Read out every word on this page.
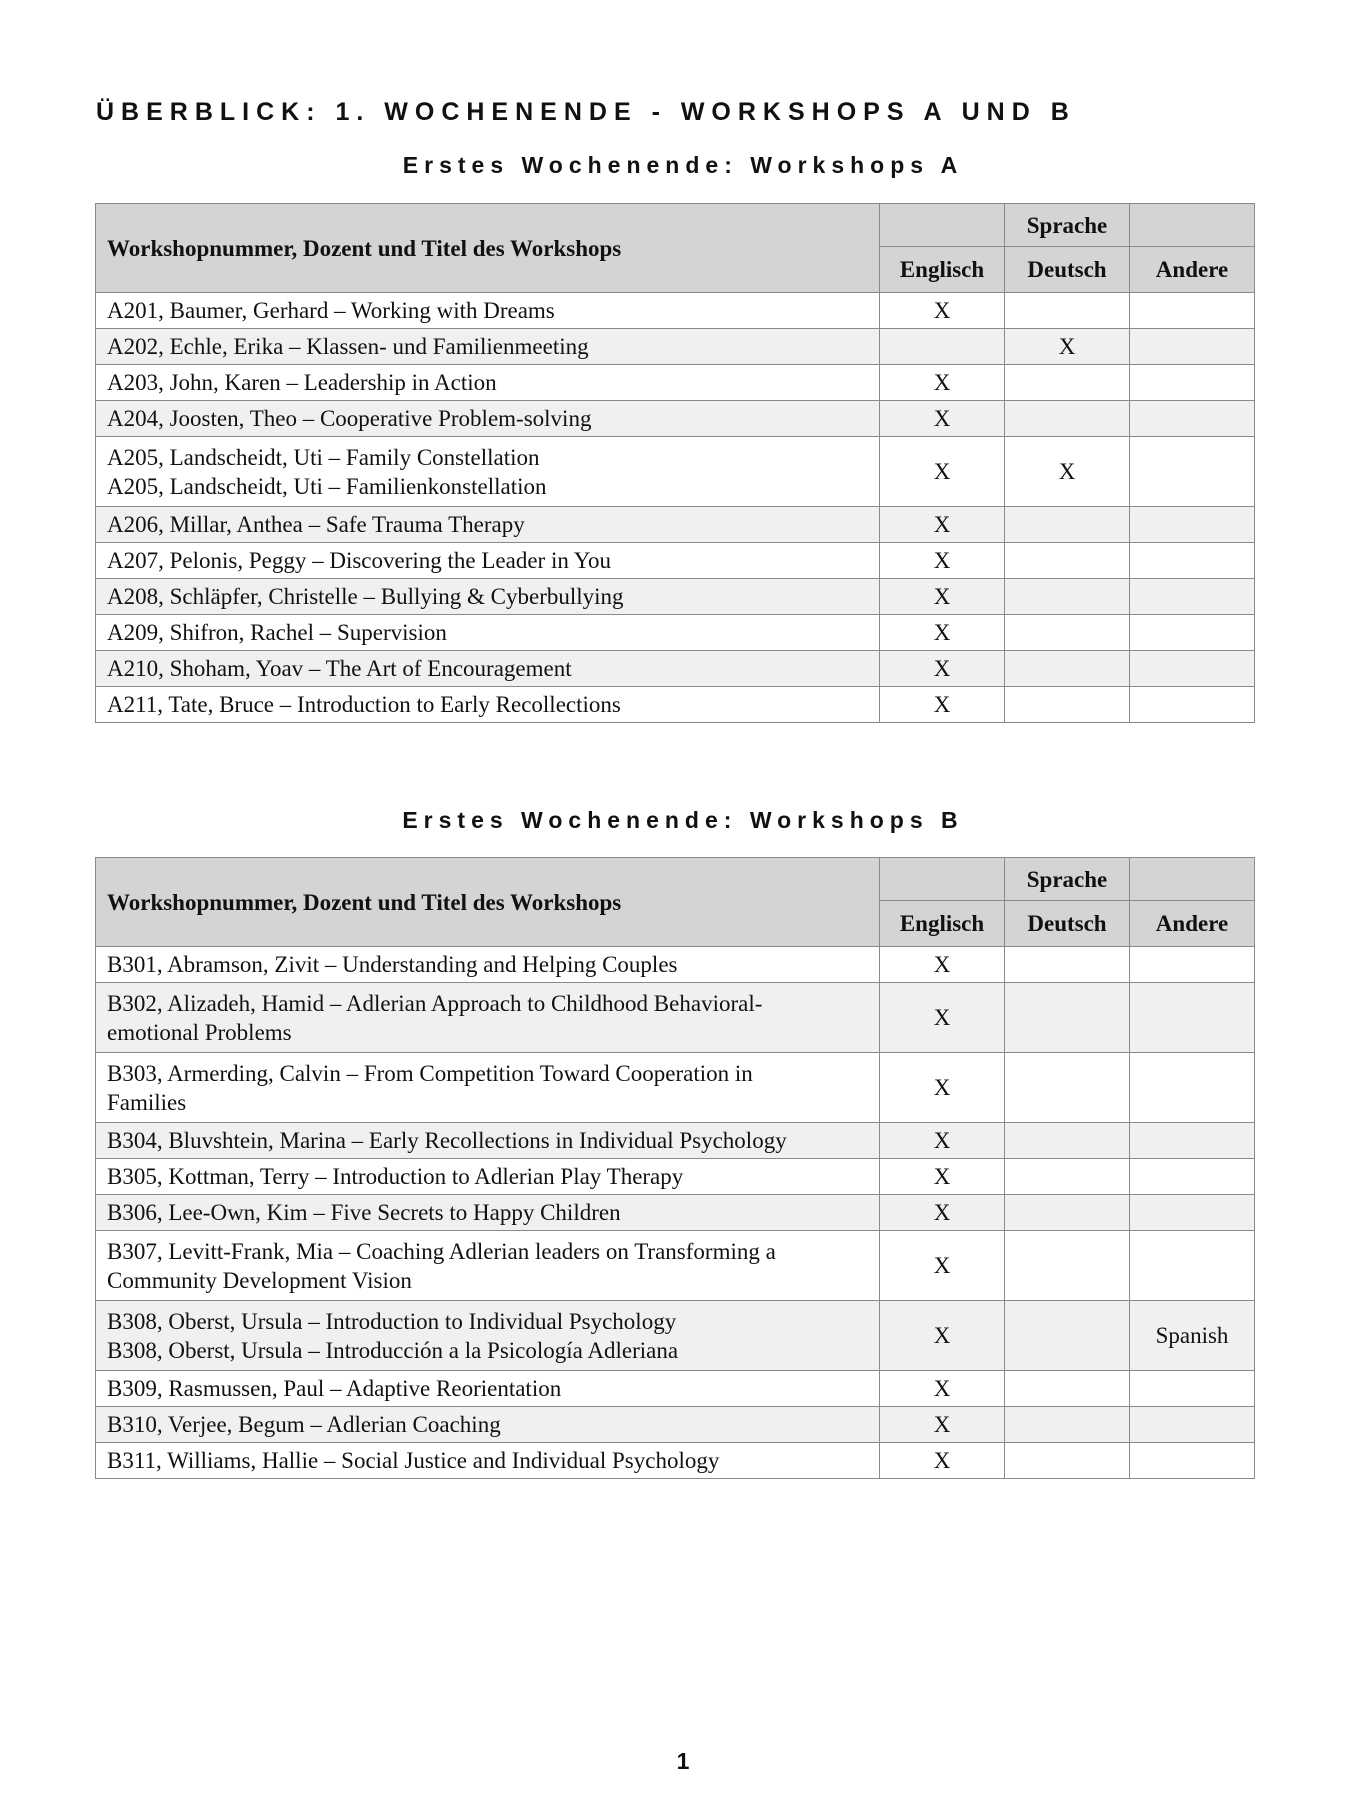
ÜBERBLICK: 1. WOCHENENDE - WORKSHOPS A UND B
Erstes Wochenende: Workshops A
Workshopnummer, Dozent und Titel des Workshops		Sprache	
	Englisch	Deutsch	Andere

A201, Baumer, Gerhard – Working with Dreams	X		

A202, Echle, Erika – Klassen- und Familienmeeting		X	

A203, John, Karen – Leadership in Action	X		

A204, Joosten, Theo – Cooperative Problem-solving	X		

A205, Landscheidt, Uti – Family Constellation
A205, Landscheidt, Uti – Familienkonstellation	X	X	

A206, Millar, Anthea – Safe Trauma Therapy	X		

A207, Pelonis, Peggy – Discovering the Leader in You	X		

A208, Schläpfer, Christelle – Bullying & Cyberbullying	X		

A209, Shifron, Rachel – Supervision	X		

A210, Shoham, Yoav – The Art of Encouragement	X		

A211, Tate, Bruce – Introduction to Early Recollections	X		
Erstes Wochenende: Workshops B
Workshopnummer, Dozent und Titel des Workshops		Sprache	
	Englisch	Deutsch	Andere

B301, Abramson, Zivit – Understanding and Helping Couples	X		

B302, Alizadeh, Hamid – Adlerian Approach to Childhood Behavioral-
emotional Problems	X		

B303, Armerding, Calvin – From Competition Toward Cooperation in
Families	X		

B304, Bluvshtein, Marina – Early Recollections in Individual Psychology	X		

B305, Kottman, Terry – Introduction to Adlerian Play Therapy	X		

B306, Lee-Own, Kim – Five Secrets to Happy Children	X		

B307, Levitt-Frank, Mia – Coaching Adlerian leaders on Transforming a
Community Development Vision	X		

B308, Oberst, Ursula – Introduction to Individual Psychology
B308, Oberst, Ursula – Introducción a la Psicología Adleriana	X		Spanish

B309, Rasmussen, Paul – Adaptive Reorientation	X		

B310, Verjee, Begum – Adlerian Coaching	X		

B311, Williams, Hallie – Social Justice and Individual Psychology	X		
1
